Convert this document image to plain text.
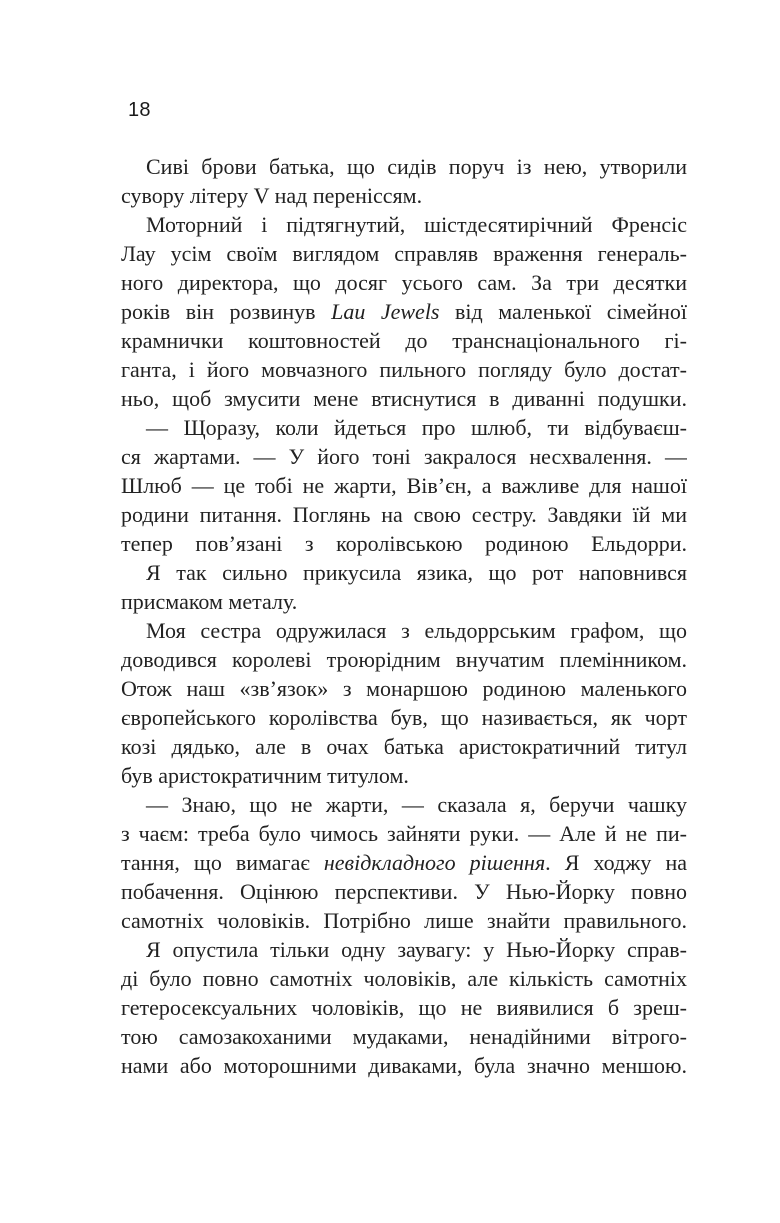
18
Сиві брови батька, що сидів поруч із нею, утворили
сувору літеру V над переніссям.
Моторний і підтягнутий, шістдесятирічний Френсіс
Лау усім своїм виглядом справляв враження генераль-
ного директора, що досяг усього сам. За три десятки
років він розвинув Lau Jewels від маленької сімейної
крамнички коштовностей до транснаціонального гі-
ганта, і його мовчазного пильного погляду було достат-
ньо, щоб змусити мене втиснутися в диванні подушки.
— Щоразу, коли йдеться про шлюб, ти відбуваєш-
ся жартами. — У його тоні закралося несхвалення. —
Шлюб — це тобі не жарти, Вів’єн, а важливе для нашої
родини питання. Поглянь на свою сестру. Завдяки їй ми
тепер пов’язані з королівською родиною Ельдорри.
Я так сильно прикусила язика, що рот наповнився
присмаком металу.
Моя сестра одружилася з ельдоррським графом, що
доводився королеві троюрідним внучатим племінником.
Отож наш «зв’язок» з монаршою родиною маленького
європейського королівства був, що називається, як чорт
козі дядько, але в очах батька аристократичний титул
був аристократичним титулом.
— Знаю, що не жарти, — сказала я, беручи чашку
з чаєм: треба було чимось зайняти руки. — Але й не пи-
тання, що вимагає невідкладного рішення. Я ходжу на
побачення. Оцінюю перспективи. У Нью-Йорку повно
самотніх чоловіків. Потрібно лише знайти правильного.
Я опустила тільки одну заувагу: у Нью-Йорку справ-
ді було повно самотніх чоловіків, але кількість самотніх
гетеросексуальних чоловіків, що не виявилися б зреш-
тою самозакоханими мудаками, ненадійними вітрого-
нами або моторошними диваками, була значно меншою.
